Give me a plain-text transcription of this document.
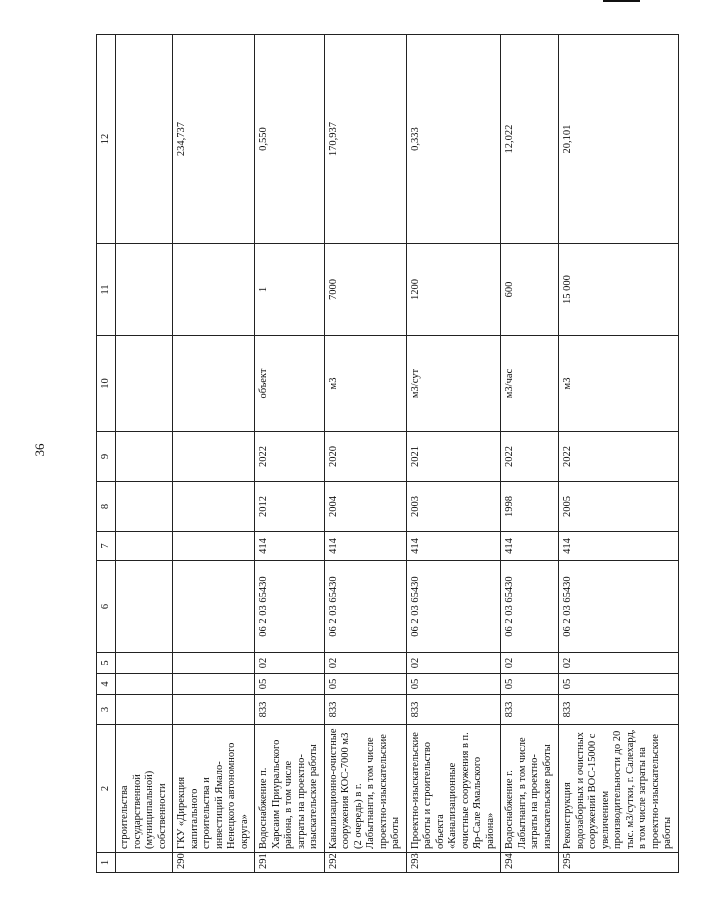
36
1	2	3	4	5	6	7	8	9	10	11	12
	строительства государственной (муниципальной) собственности										
290	ГКУ «Дирекция капитального строительства и инвестиций Ямало-Ненецкого автономного округа»										234,737
291	Водоснабжение п. Харсаим Приуральского района, в том числе затраты на проектно-изыскательские работы	833	05	02	06 2 03 65430	414	2012	2022	объект	1	0,550
292	Канализационно-очистные сооружения КОС-7000 м3 (2 очередь) в г. Лабытнанги, в том числе проектно-изыскательские работы	833	05	02	06 2 03 65430	414	2004	2020	м3	7000	170,937
293	Проектно-изыскательские работы и строительство объекта «Канализационные очистные сооружения в п. Яр-Сале Ямальского района»	833	05	02	06 2 03 65430	414	2003	2021	м3/сут	1200	0,333
294	Водоснабжение г. Лабытнанги, в том числе затраты на проектно-изыскательские работы	833	05	02	06 2 03 65430	414	1998	2022	м3/час	600	12,022
295	Реконструкция водозаборных и очистных сооружений ВОС-15000 с увеличением производительности до 20 тыс. м3/сутки, г. Салехард, в том числе затраты на проектно-изыскательские работы	833	05	02	06 2 03 65430	414	2005	2022	м3	15 000	20,101
